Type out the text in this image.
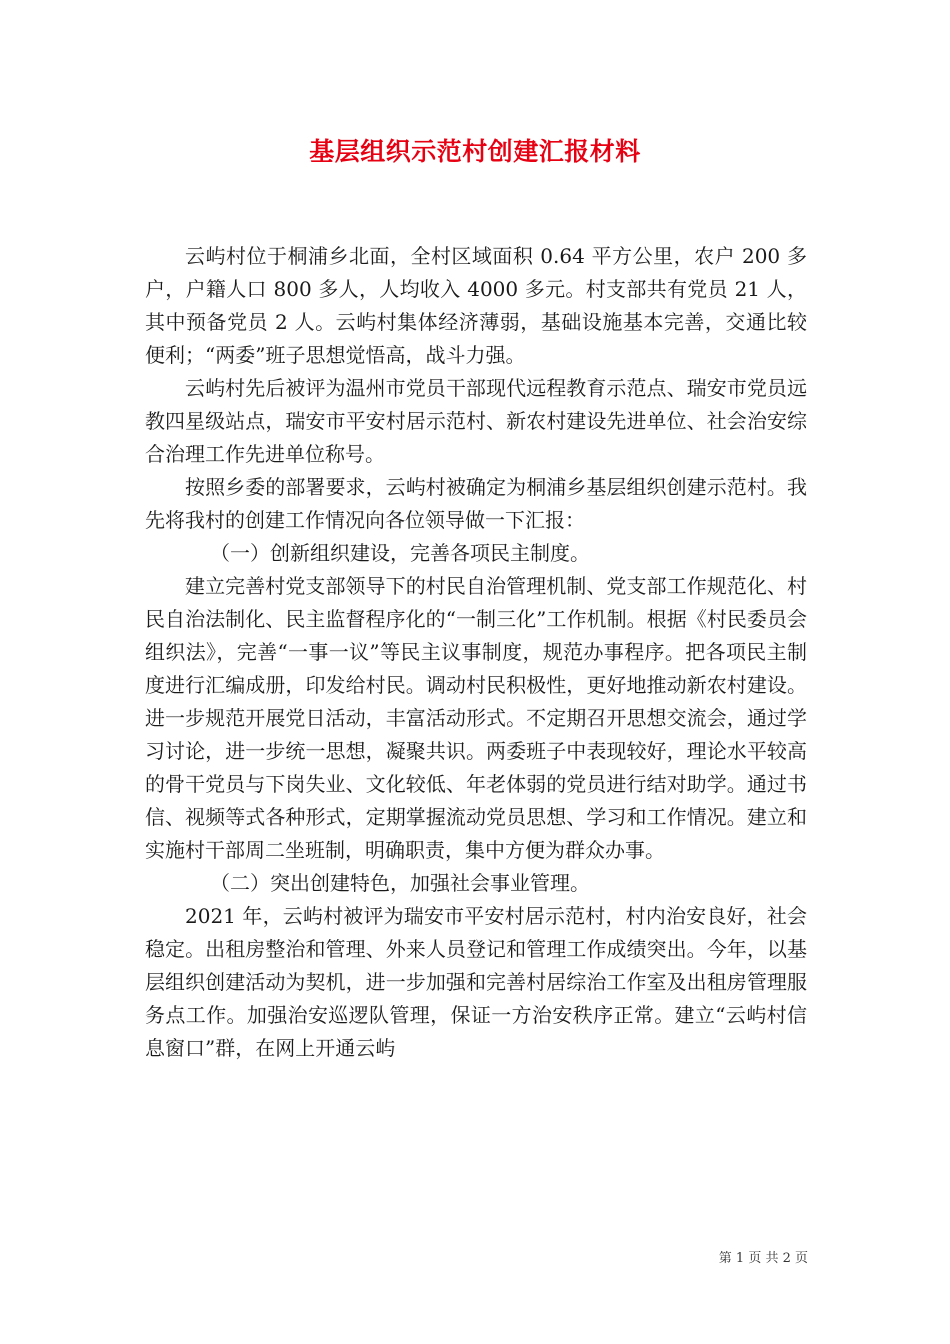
基层组织示范村创建汇报材料

云屿村位于桐浦乡北面，全村区域面积 0.64 平方公里，农户 200 多户，户籍人口 800 多人，人均收入 4000 多元。村支部共有党员 21 人，其中预备党员 2 人。云屿村集体经济薄弱，基础设施基本完善，交通比较便利；“两委”班子思想觉悟高，战斗力强。

云屿村先后被评为温州市党员干部现代远程教育示范点、瑞安市党员远教四星级站点，瑞安市平安村居示范村、新农村建设先进单位、社会治安综合治理工作先进单位称号。

按照乡委的部署要求，云屿村被确定为桐浦乡基层组织创建示范村。我先将我村的创建工作情况向各位领导做一下汇报：

（一）创新组织建设，完善各项民主制度。

建立完善村党支部领导下的村民自治管理机制、党支部工作规范化、村民自治法制化、民主监督程序化的“一制三化”工作机制。根据《村民委员会组织法》，完善“一事一议”等民主议事制度，规范办事程序。把各项民主制度进行汇编成册，印发给村民。调动村民积极性，更好地推动新农村建设。进一步规范开展党日活动，丰富活动形式。不定期召开思想交流会，通过学习讨论，进一步统一思想，凝聚共识。两委班子中表现较好，理论水平较高的骨干党员与下岗失业、文化较低、年老体弱的党员进行结对助学。通过书信、视频等式各种形式，定期掌握流动党员思想、学习和工作情况。建立和实施村干部周二坐班制，明确职责，集中方便为群众办事。

（二）突出创建特色，加强社会事业管理。

2021 年，云屿村被评为瑞安市平安村居示范村，村内治安良好，社会稳定。出租房整治和管理、外来人员登记和管理工作成绩突出。今年，以基层组织创建活动为契机，进一步加强和完善村居综治工作室及出租房管理服务点工作。加强治安巡逻队管理，保证一方治安秩序正常。建立“云屿村信息窗口”群，在网上开通云屿

第 1 页 共 2 页
